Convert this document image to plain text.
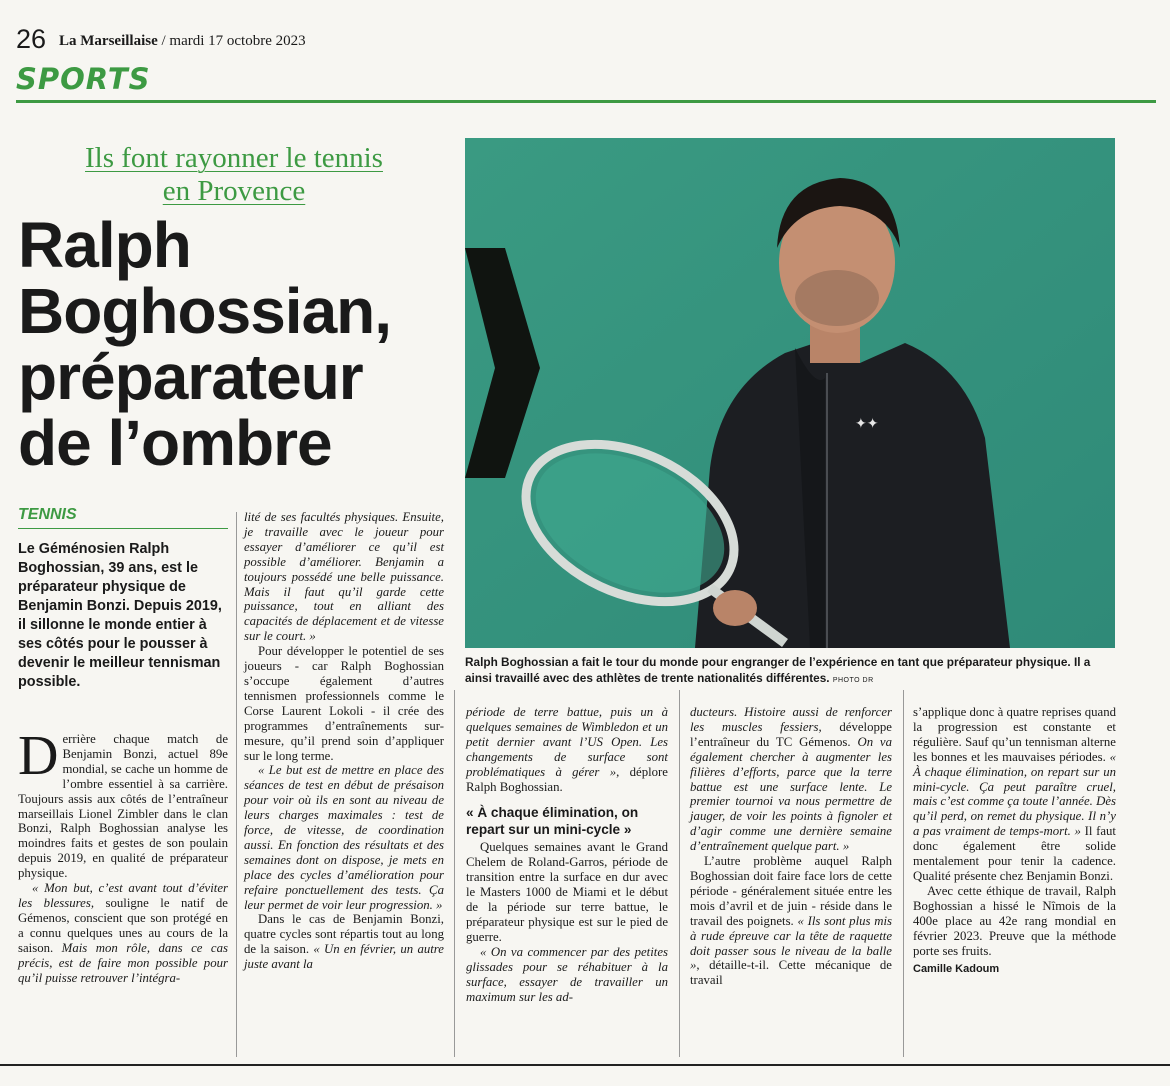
26 La Marseillaise / mardi 17 octobre 2023
SPORTS
Ils font rayonner le tennis
en Provence
Ralph
Boghossian,
préparateur
de l’ombre	✦✦
Ralph Boghossian a fait le tour du monde pour engranger de l’expérience en tant que préparateur physique. Il a ainsi travaillé avec des athlètes de trente nationalités différentes. PHOTO DR
TENNIS
Le Géménosien Ralph Boghossian, 39 ans, est le préparateur physique de Benjamin Bonzi. Depuis 2019, il sillonne le monde entier à ses côtés pour le pousser à devenir le meilleur tennisman possible.

Derrière chaque match de Benjamin Bonzi, actuel 89e mondial, se cache un homme de l’ombre essentiel à sa carrière. Toujours assis aux côtés de l’entraîneur marseillais Lionel Zimbler dans le clan Bonzi, Ralph Boghossian analyse les moindres faits et gestes de son poulain depuis 2019, en qualité de préparateur physique.

« Mon but, c’est avant tout d’éviter les blessures, souligne le natif de Gémenos, conscient que son protégé en a connu quelques unes au cours de la saison. Mais mon rôle, dans ce cas précis, est de faire mon possible pour qu’il puisse retrouver l’intégra-

lité de ses facultés physiques. Ensuite, je travaille avec le joueur pour essayer d’améliorer ce qu’il est possible d’améliorer. Benjamin a toujours possédé une belle puissance. Mais il faut qu’il garde cette puissance, tout en alliant des capacités de déplacement et de vitesse sur le court. »

Pour développer le potentiel de ses joueurs - car Ralph Boghossian s’occupe également d’autres tennismen professionnels comme le Corse Laurent Lokoli - il crée des programmes d’entraînements sur-mesure, qu’il prend soin d’appliquer sur le long terme.

« Le but est de mettre en place des séances de test en début de présaison pour voir où ils en sont au niveau de leurs charges maximales : test de force, de vitesse, de coordination aussi. En fonction des résultats et des semaines dont on dispose, je mets en place des cycles d’amélioration pour refaire ponctuellement des tests. Ça leur permet de voir leur progression. »

Dans le cas de Benjamin Bonzi, quatre cycles sont répartis tout au long de la saison. « Un en février, un autre juste avant la

période de terre battue, puis un à quelques semaines de Wimbledon et un petit dernier avant l’US Open. Les changements de surface sont problématiques à gérer », déplore Ralph Boghossian.

« À chaque élimination, on repart sur un mini-cycle »

Quelques semaines avant le Grand Chelem de Roland-Garros, période de transition entre la surface en dur avec le Masters 1000 de Miami et le début de la période sur terre battue, le préparateur physique est sur le pied de guerre.

« On va commencer par des petites glissades pour se réhabituer à la surface, essayer de travailler un maximum sur les ad-

ducteurs. Histoire aussi de renforcer les muscles fessiers, développe l’entraîneur du TC Gémenos. On va également chercher à augmenter les filières d’efforts, parce que la terre battue est une surface lente. Le premier tournoi va nous permettre de jauger, de voir les points à fignoler et d’agir comme une dernière semaine d’entraînement quelque part. »

L’autre problème auquel Ralph Boghossian doit faire face lors de cette période - généralement située entre les mois d’avril et de juin - réside dans le travail des poignets. « Ils sont plus mis à rude épreuve car la tête de raquette doit passer sous le niveau de la balle », détaille-t-il. Cette mécanique de travail

s’applique donc à quatre reprises quand la progression est constante et régulière. Sauf qu’un tennisman alterne les bonnes et les mauvaises périodes. « À chaque élimination, on repart sur un mini-cycle. Ça peut paraître cruel, mais c’est comme ça toute l’année. Dès qu’il perd, on remet du physique. Il n’y a pas vraiment de temps-mort. » Il faut donc également être solide mentalement pour tenir la cadence. Qualité présente chez Benjamin Bonzi.

Avec cette éthique de travail, Ralph Boghossian a hissé le Nîmois de la 400e place au 42e rang mondial en février 2023. Preuve que la méthode porte ses fruits.

Camille Kadoum
